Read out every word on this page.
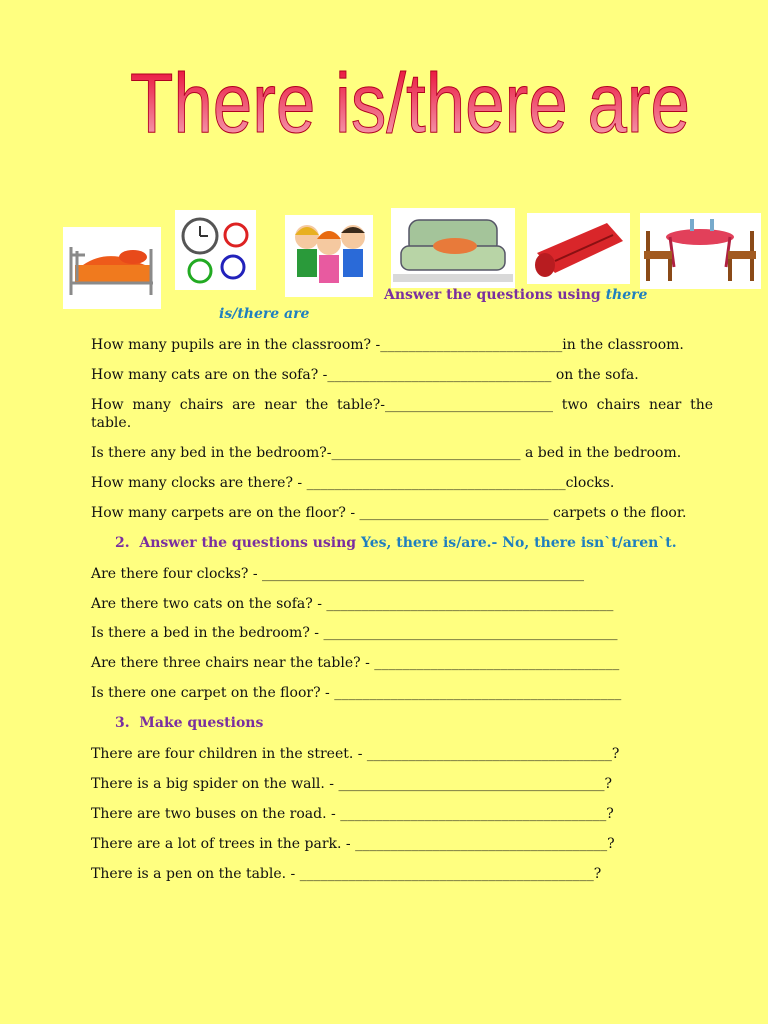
There is/there are
Answer the questions using there
is/there are
How many pupils are in the classroom? -__________________________in the classroom.
How many cats are on the sofa? -________________________________ on the sofa.
How many chairs are near the table?-________________________ two chairs near the table.
Is there any bed in the bedroom?-___________________________ a bed in the bedroom.
How many clocks are there? - _____________________________________clocks.
How many carpets are on the floor? - ___________________________ carpets o the floor.
2. Answer the questions using Yes, there is/are.- No, there isn`t/aren`t.
Are there four clocks? - ______________________________________________
Are there two cats on the sofa? - _________________________________________
Is there a bed in the bedroom? - __________________________________________
Are there three chairs near the table? - ___________________________________
Is there one carpet on the floor? - _________________________________________
3. Make questions
There are four children in the street. - ___________________________________?
There is a big spider on the wall. - ______________________________________?
There are two buses on the road. - ______________________________________?
There are a lot of trees in the park. - ____________________________________?
There is a pen on the table. - __________________________________________?
